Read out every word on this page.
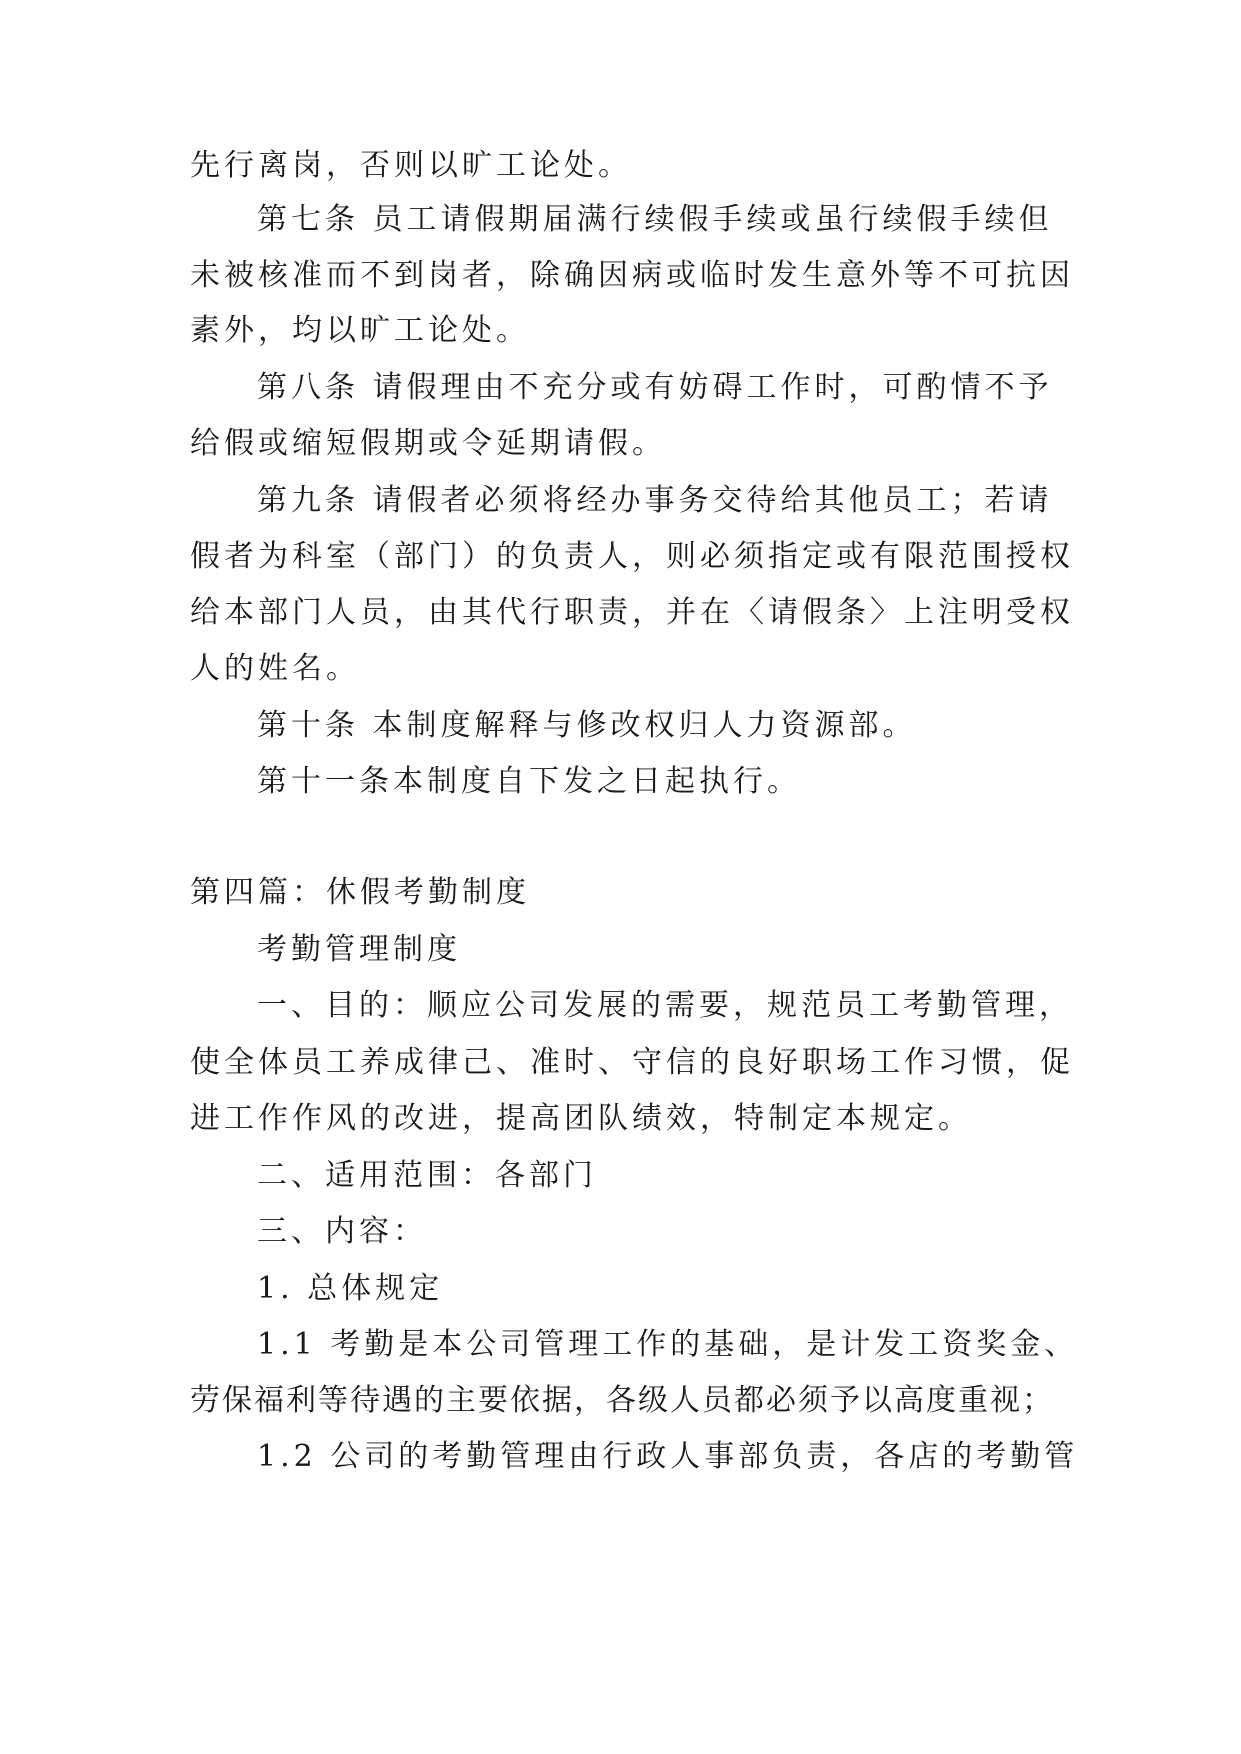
先行离岗，否则以旷工论处。
第七条 员工请假期届满行续假手续或虽行续假手续但
未被核准而不到岗者，除确因病或临时发生意外等不可抗因
素外，均以旷工论处。
第八条 请假理由不充分或有妨碍工作时，可酌情不予
给假或缩短假期或令延期请假。
第九条 请假者必须将经办事务交待给其他员工；若请
假者为科室（部门）的负责人，则必须指定或有限范围授权
给本部门人员，由其代行职责，并在〈请假条〉上注明受权
人的姓名。
第十条 本制度解释与修改权归人力资源部。
第十一条本制度自下发之日起执行。
第四篇：休假考勤制度
考勤管理制度
一、目的：顺应公司发展的需要，规范员工考勤管理，
使全体员工养成律己、准时、守信的良好职场工作习惯，促
进工作作风的改进，提高团队绩效，特制定本规定。
二、适用范围：各部门
三、内容：
1. 总体规定
1.1 考勤是本公司管理工作的基础，是计发工资奖金、
劳保福利等待遇的主要依据，各级人员都必须予以高度重视；
1.2 公司的考勤管理由行政人事部负责，各店的考勤管
